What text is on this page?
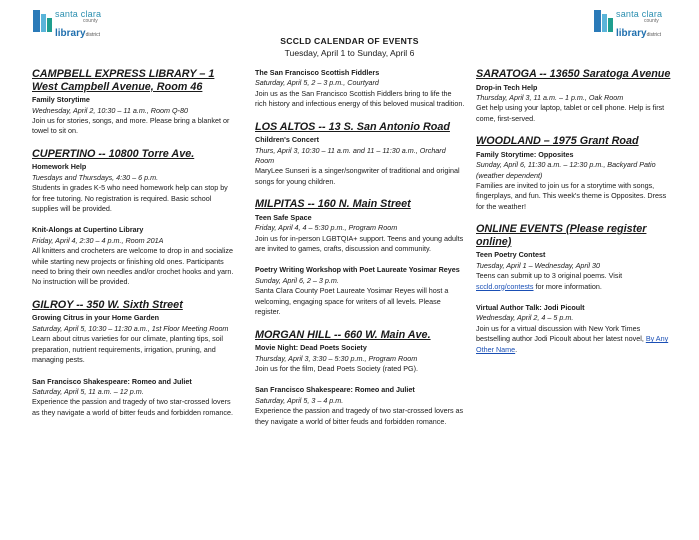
santa clara
county
librarydistrict
santa clara
county
librarydistrict
SCCLD CALENDAR OF EVENTS
Tuesday, April 1 to Sunday, April 6
CAMPBELL EXPRESS LIBRARY – 1 West Campbell Avenue, Room 46
Family Storytime
Wednesday, April 2, 10:30 – 11 a.m., Room Q-80
Join us for stories, songs, and more. Please bring a blanket or towel to sit on.
CUPERTINO -- 10800 Torre Ave.
Homework Help
Tuesdays and Thursdays, 4:30 – 6 p.m.
Students in grades K-5 who need homework help can stop by for free tutoring. No registration is required. Basic school supplies will be provided.
Knit-Alongs at Cupertino Library
Friday, April 4, 2:30 – 4 p.m., Room 201A
All knitters and crocheters are welcome to drop in and socialize while starting new projects or finishing old ones. Participants need to bring their own needles and/or crochet hooks and yarn. No instruction will be provided.
GILROY -- 350 W. Sixth Street
Growing Citrus in your Home Garden
Saturday, April 5, 10:30 – 11:30 a.m., 1st Floor Meeting Room
Learn about citrus varieties for our climate, planting tips, soil preparation, nutrient requirements, irrigation, pruning, and managing pests.
San Francisco Shakespeare: Romeo and Juliet
Saturday, April 5, 11 a.m. – 12 p.m.
Experience the passion and tragedy of two star-crossed lovers as they navigate a world of bitter feuds and forbidden romance.
The San Francisco Scottish Fiddlers
Saturday, April 5, 2 – 3 p.m., Courtyard
Join us as the San Francisco Scottish Fiddlers bring to life the rich history and infectious energy of this beloved musical tradition.
LOS ALTOS -- 13 S. San Antonio Road
Children's Concert
Thurs, April 3, 10:30 – 11 a.m. and 11 – 11:30 a.m., Orchard Room
MaryLee Sunseri is a singer/songwriter of traditional and original songs for young children.
MILPITAS -- 160 N. Main Street
Teen Safe Space
Friday, April 4, 4 – 5:30 p.m., Program Room
Join us for in-person LGBTQIA+ support. Teens and young adults are invited to games, crafts, discussion and community.
Poetry Writing Workshop with Poet Laureate Yosimar Reyes
Sunday, April 6, 2 – 3 p.m.
Santa Clara County Poet Laureate Yosimar Reyes will host a welcoming, engaging space for writers of all levels. Please register.
MORGAN HILL -- 660 W. Main Ave.
Movie Night: Dead Poets Society
Thursday, April 3, 3:30 – 5:30 p.m., Program Room
Join us for the film, Dead Poets Society (rated PG).
San Francisco Shakespeare: Romeo and Juliet
Saturday, April 5, 3 – 4 p.m.
Experience the passion and tragedy of two star-crossed lovers as they navigate a world of bitter feuds and forbidden romance.
SARATOGA -- 13650 Saratoga Avenue
Drop-in Tech Help
Thursday, April 3, 11 a.m. – 1 p.m., Oak Room
Get help using your laptop, tablet or cell phone. Help is first come, first-served.
WOODLAND – 1975 Grant Road
Family Storytime: Opposites
Sunday, April 6, 11:30 a.m. – 12:30 p.m., Backyard Patio (weather dependent)
Families are invited to join us for a storytime with songs, fingerplays, and fun. This week's theme is Opposites. Dress for the weather!
ONLINE EVENTS (Please register online)
Teen Poetry Contest
Tuesday, April 1 – Wednesday, April 30
Teens can submit up to 3 original poems. Visit sccld.org/contests for more information.
Virtual Author Talk: Jodi Picoult
Wednesday, April 2, 4 – 5 p.m.
Join us for a virtual discussion with New York Times bestselling author Jodi Picoult about her latest novel, By Any Other Name.
